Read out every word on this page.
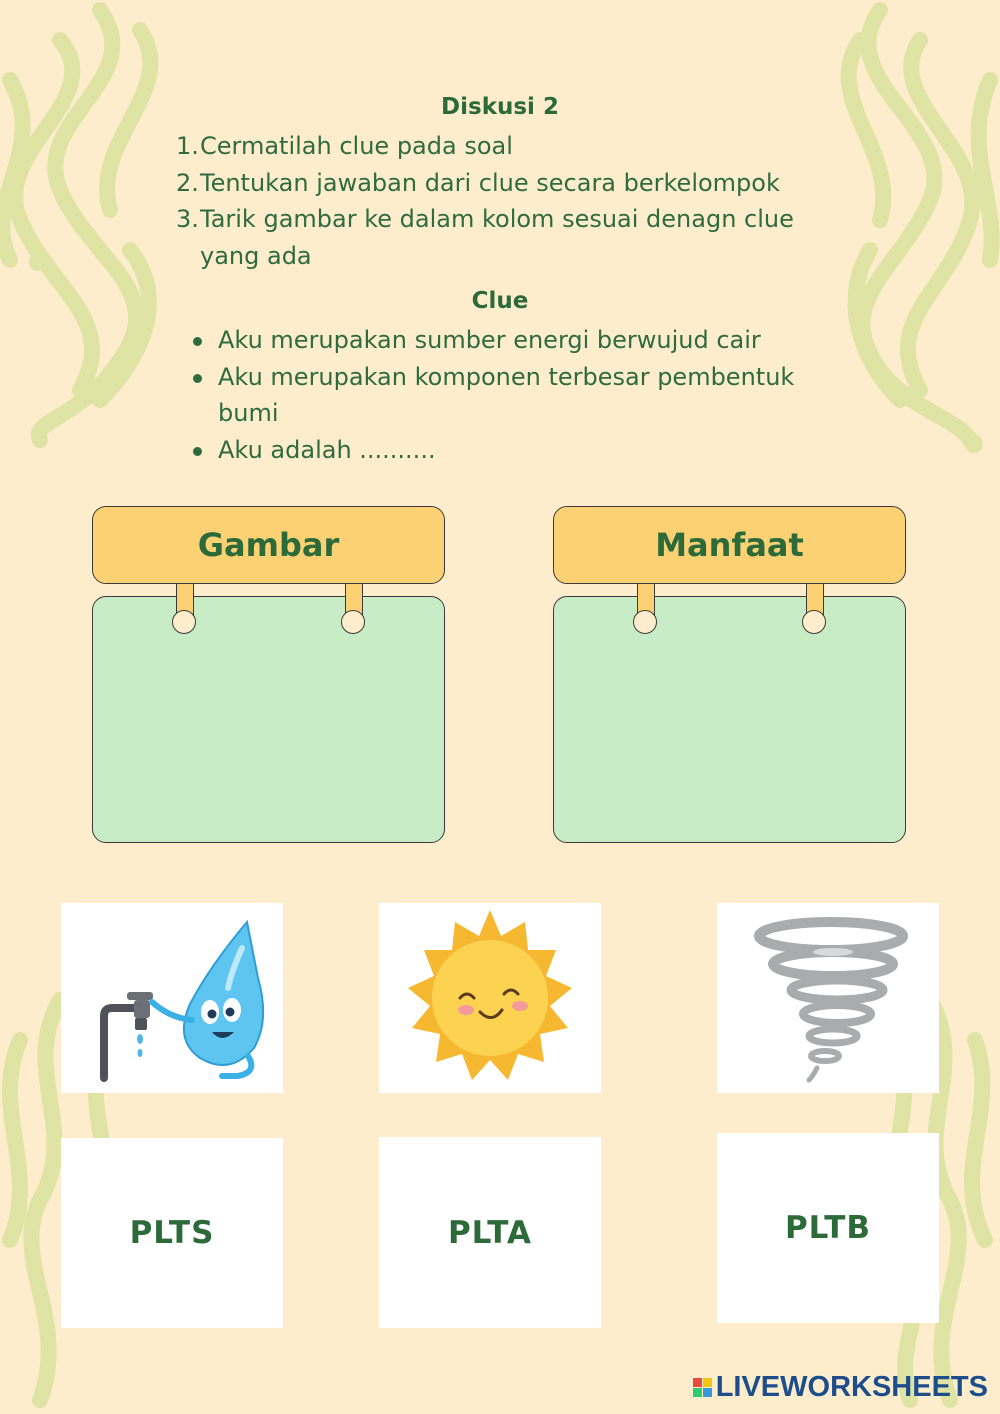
Diskusi 2
1. Cermatilah clue pada soal
2. Tentukan jawaban dari clue secara berkelompok
3. Tarik gambar ke dalam kolom sesuai denagn clue yang ada
Clue
Aku merupakan sumber energi berwujud cair
Aku merupakan komponen terbesar pembentuk bumi
Aku adalah ..........
Gambar	Manfaat
PLTS	PLTA	PLTB
LIVEWORKSHEETS
